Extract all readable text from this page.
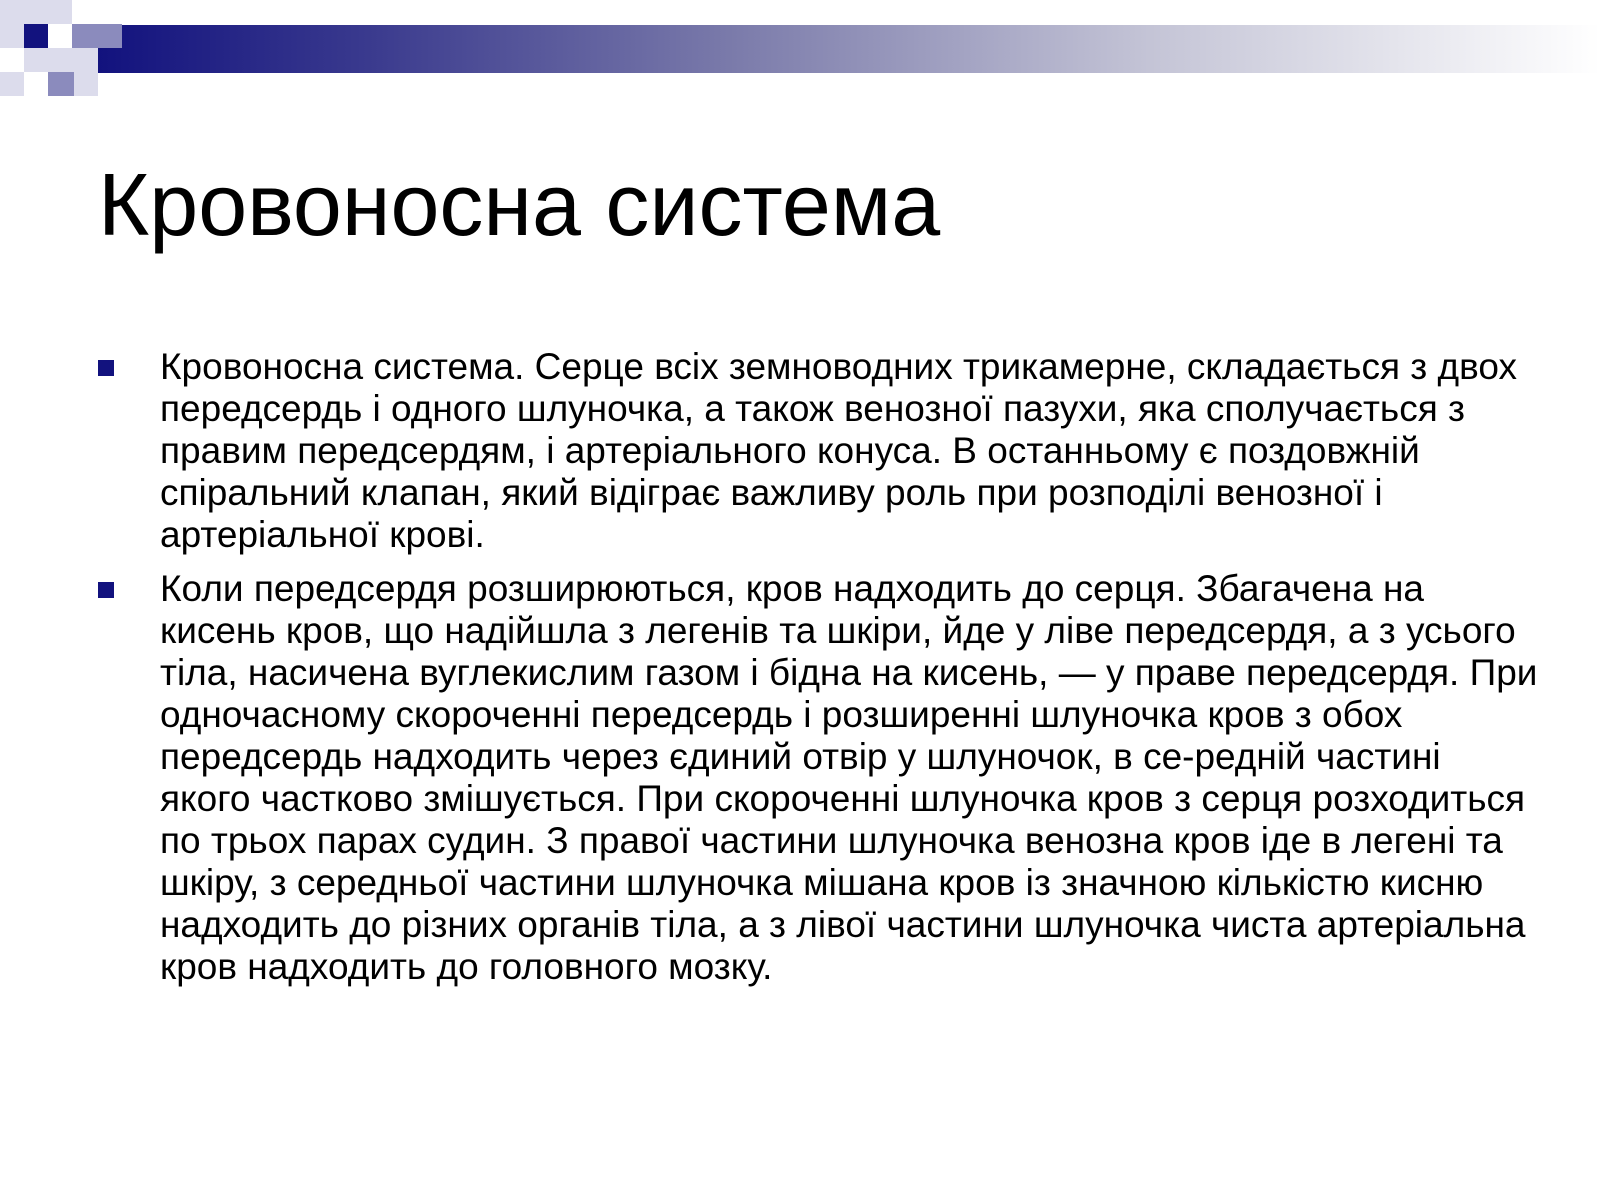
Кровоносна система
Кровоносна система. Серце всіх земноводних трикамерне, складається з двох передсердь і одного шлуночка, а також венозної пазухи, яка сполучається з правим передсердям, і артеріального конуса. В останньому є поздовжній спіральний клапан, який відіграє важливу роль при розподілі венозної і артеріальної крові.
Коли передсердя розширюються, кров надходить до серця. Збагачена на кисень кров, що надійшла з легенів та шкіри, йде у ліве передсердя, а з усього тіла, насичена вуглекислим газом і бідна на кисень, — у праве передсердя. При одночасному скороченні передсердь і розширенні шлуночка кров з обох передсердь надходить через єдиний отвір у шлуночок, в се-редній частині якого частково змішується. При скороченні шлуночка кров з серця розходиться по трьох парах судин. З правої частини шлуночка венозна кров іде в легені та шкіру, з середньої частини шлуночка мішана кров із значною кількістю кисню надходить до різних органів тіла, а з лівої частини шлуночка чиста артеріальна кров надходить до головного мозку.
